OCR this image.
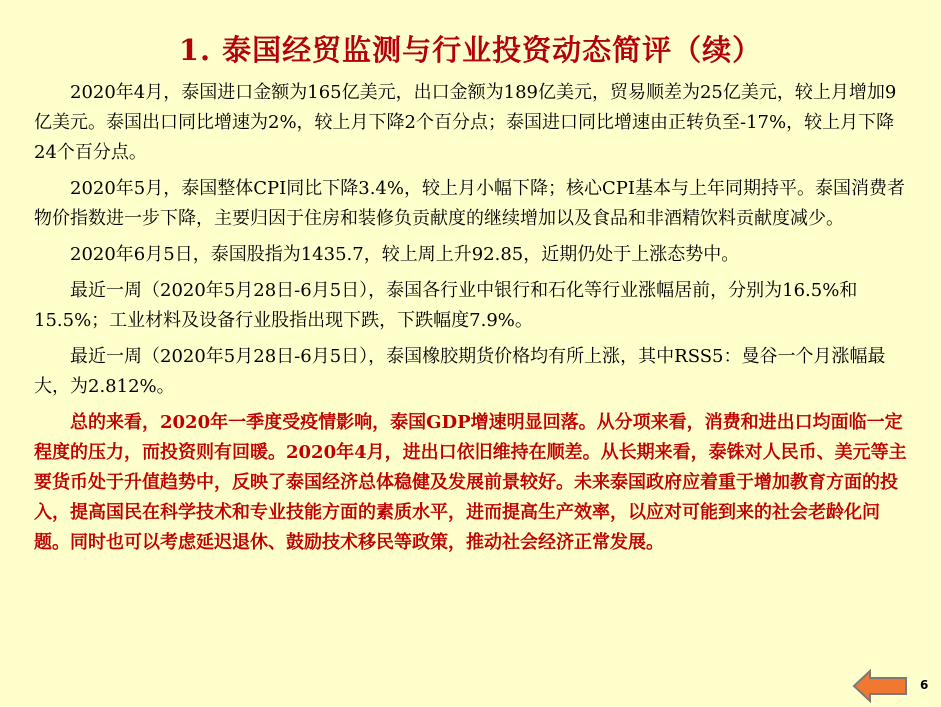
1. 泰国经贸监测与行业投资动态简评（续）

2020年4月，泰国进口金额为165亿美元，出口金额为189亿美元，贸易顺差为25亿美元，较上月增加9亿美元。泰国出口同比增速为2%，较上月下降2个百分点；泰国进口同比增速由正转负至-17%，较上月下降24个百分点。

2020年5月，泰国整体CPI同比下降3.4%，较上月小幅下降；核心CPI基本与上年同期持平。泰国消费者物价指数进一步下降，主要归因于住房和装修负贡献度的继续增加以及食品和非酒精饮料贡献度减少。

2020年6月5日，泰国股指为1435.7，较上周上升92.85，近期仍处于上涨态势中。

最近一周（2020年5月28日-6月5日），泰国各行业中银行和石化等行业涨幅居前，分别为16.5%和15.5%；工业材料及设备行业股指出现下跌，下跌幅度7.9%。

最近一周（2020年5月28日-6月5日），泰国橡胶期货价格均有所上涨，其中RSS5：曼谷一个月涨幅最大，为2.812%。

总的来看，2020年一季度受疫情影响，泰国GDP增速明显回落。从分项来看，消费和进出口均面临一定程度的压力，而投资则有回暖。2020年4月，进出口依旧维持在顺差。从长期来看，泰铢对人民币、美元等主要货币处于升值趋势中，反映了泰国经济总体稳健及发展前景较好。未来泰国政府应着重于增加教育方面的投入，提高国民在科学技术和专业技能方面的素质水平，进而提高生产效率，以应对可能到来的社会老龄化问题。同时也可以考虑延迟退休、鼓励技术移民等政策，推动社会经济正常发展。

6
